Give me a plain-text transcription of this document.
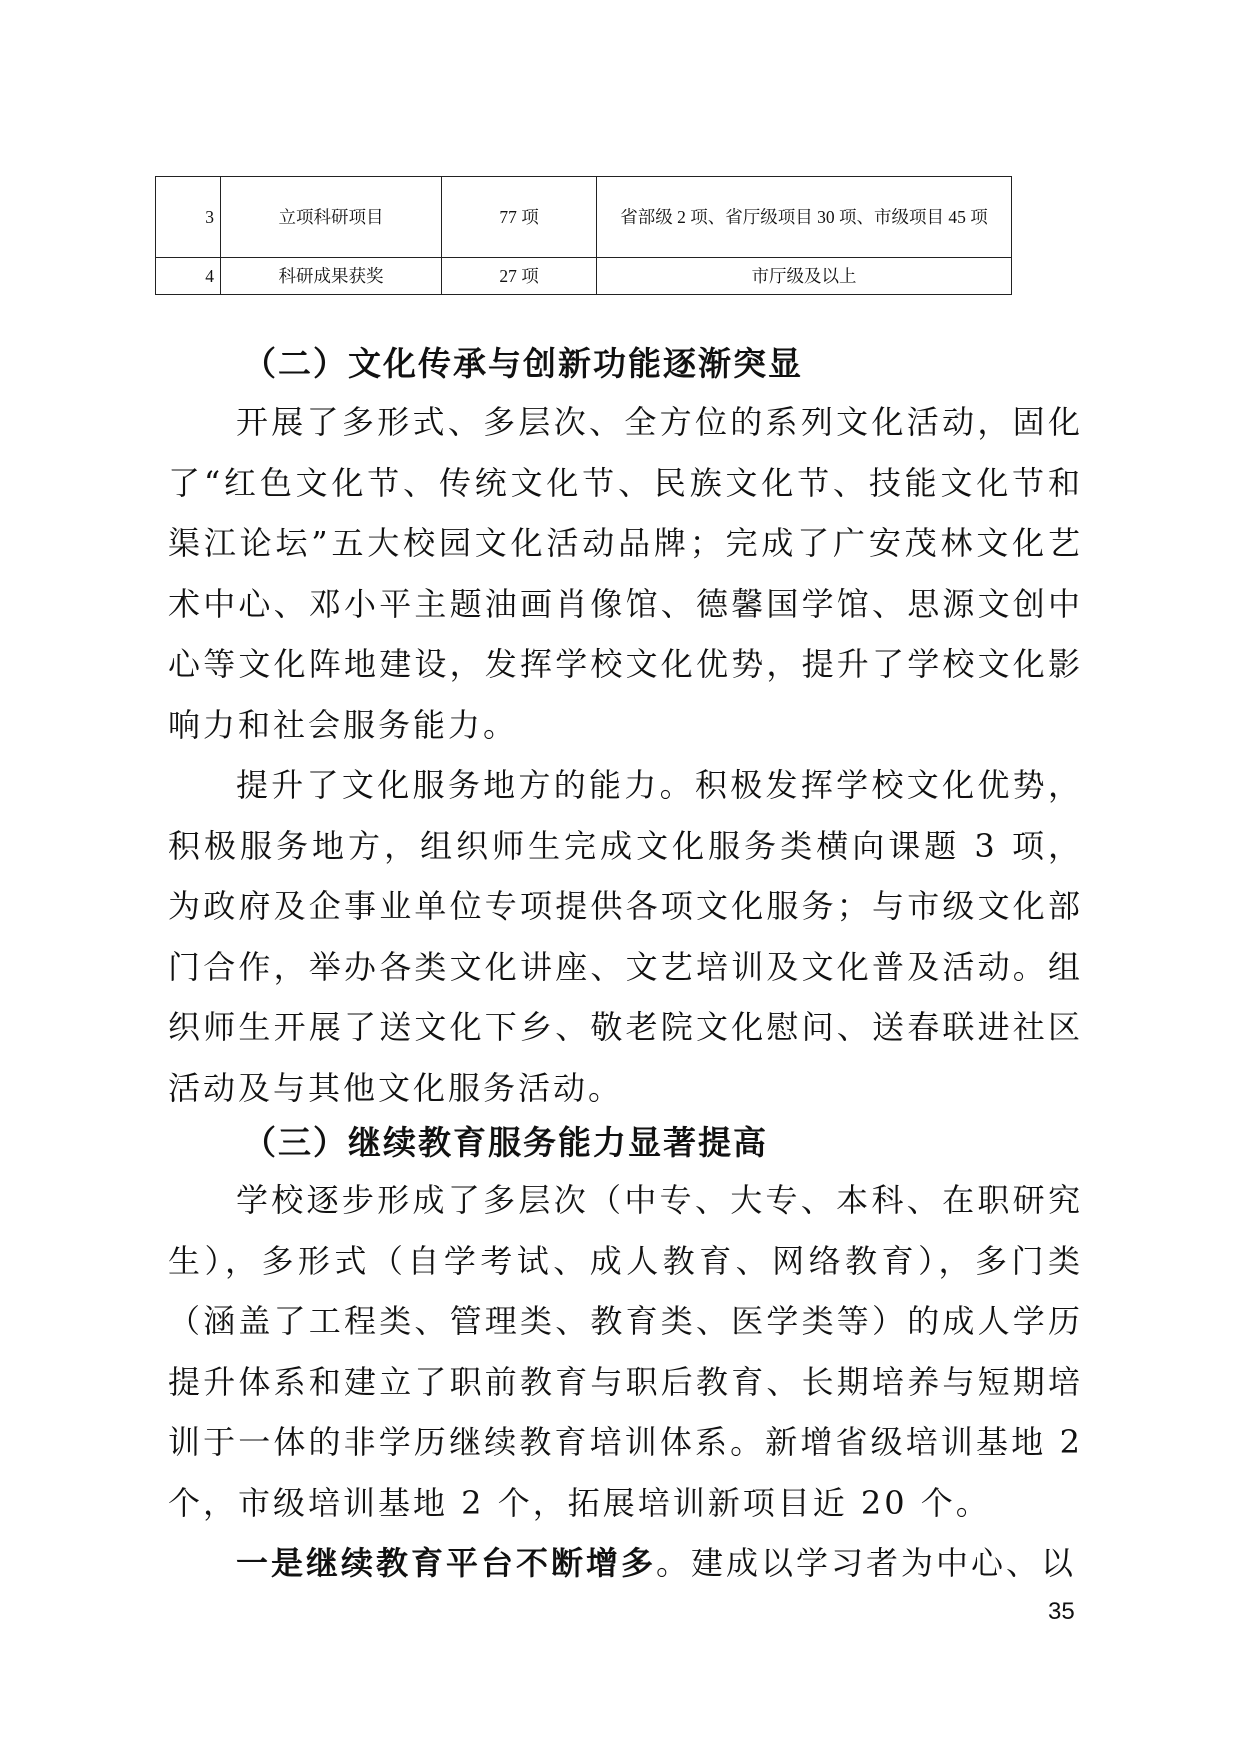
3	立项科研项目	77 项	省部级 2 项、省厅级项目 30 项、市级项目 45 项
4	科研成果获奖	27 项	市厅级及以上
（二）文化传承与创新功能逐渐突显

开展了多形式、多层次、全方位的系列文化活动，固化了“红色文化节、传统文化节、民族文化节、技能文化节和渠江论坛”五大校园文化活动品牌；完成了广安茂林文化艺术中心、邓小平主题油画肖像馆、德馨国学馆、思源文创中心等文化阵地建设，发挥学校文化优势，提升了学校文化影响力和社会服务能力。

提升了文化服务地方的能力。积极发挥学校文化优势，积极服务地方，组织师生完成文化服务类横向课题 3 项，为政府及企事业单位专项提供各项文化服务；与市级文化部门合作，举办各类文化讲座、文艺培训及文化普及活动。组织师生开展了送文化下乡、敬老院文化慰问、送春联进社区活动及与其他文化服务活动。

（三）继续教育服务能力显著提高

学校逐步形成了多层次（中专、大专、本科、在职研究生），多形式（自学考试、成人教育、网络教育），多门类（涵盖了工程类、管理类、教育类、医学类等）的成人学历提升体系和建立了职前教育与职后教育、长期培养与短期培训于一体的非学历继续教育培训体系。新增省级培训基地 2 个，市级培训基地 2 个，拓展培训新项目近 20 个。

一是继续教育平台不断增多。建成以学习者为中心、以

35
